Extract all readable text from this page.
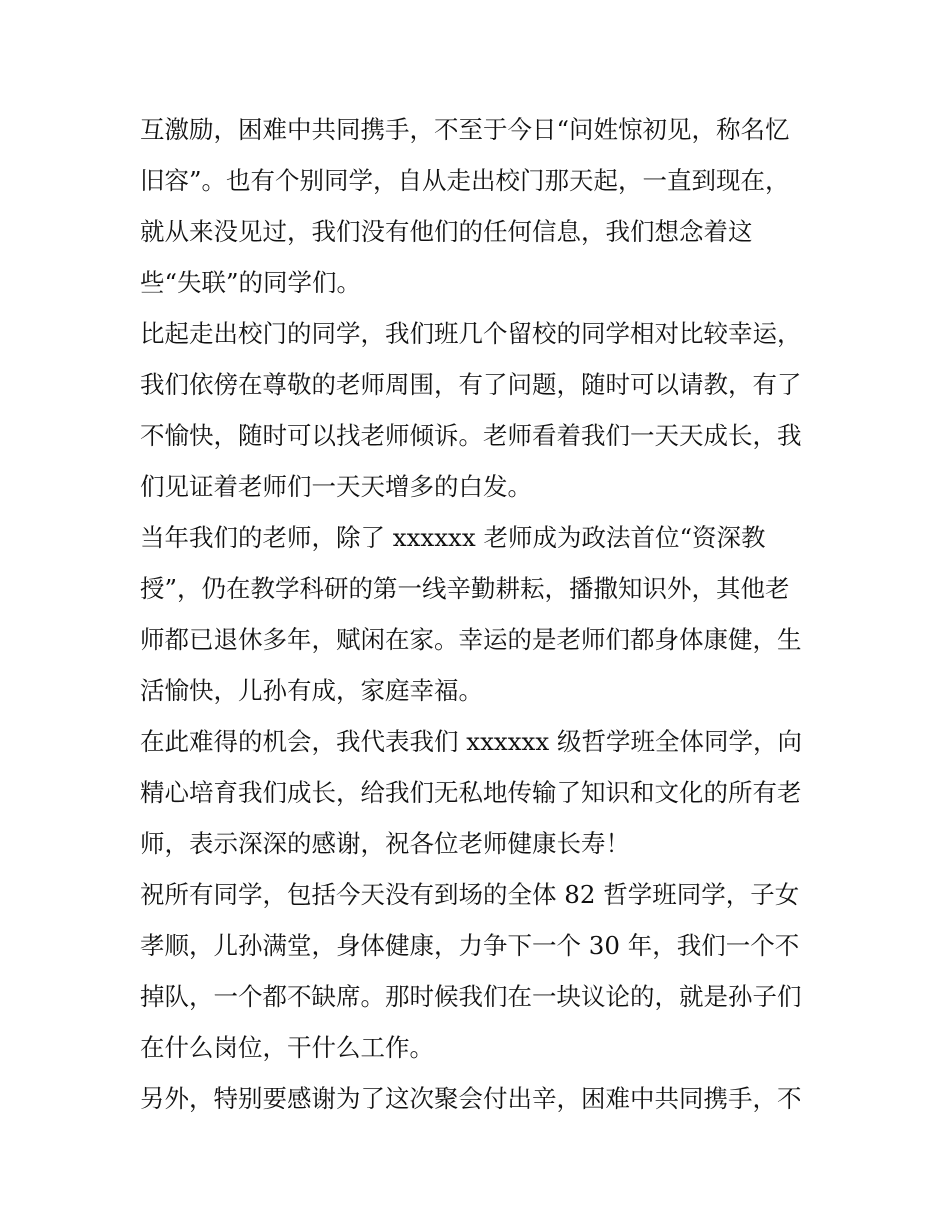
互激励，困难中共同携手，不至于今日“问姓惊初见，称名忆
旧容”。也有个别同学，自从走出校门那天起，一直到现在，
就从来没见过，我们没有他们的任何信息，我们想念着这
些“失联”的同学们。
比起走出校门的同学，我们班几个留校的同学相对比较幸运，
我们依傍在尊敬的老师周围，有了问题，随时可以请教，有了
不愉快，随时可以找老师倾诉。老师看着我们一天天成长，我
们见证着老师们一天天增多的白发。
当年我们的老师，除了 xxxxxx 老师成为政法首位“资深教
授”，仍在教学科研的第一线辛勤耕耘，播撒知识外，其他老
师都已退休多年，赋闲在家。幸运的是老师们都身体康健，生
活愉快，儿孙有成，家庭幸福。
在此难得的机会，我代表我们 xxxxxx 级哲学班全体同学，向
精心培育我们成长，给我们无私地传输了知识和文化的所有老
师，表示深深的感谢，祝各位老师健康长寿！
祝所有同学，包括今天没有到场的全体 82 哲学班同学，子女
孝顺，儿孙满堂，身体健康，力争下一个 30 年，我们一个不
掉队，一个都不缺席。那时候我们在一块议论的，就是孙子们
在什么岗位，干什么工作。
另外，特别要感谢为了这次聚会付出辛，困难中共同携手，不
